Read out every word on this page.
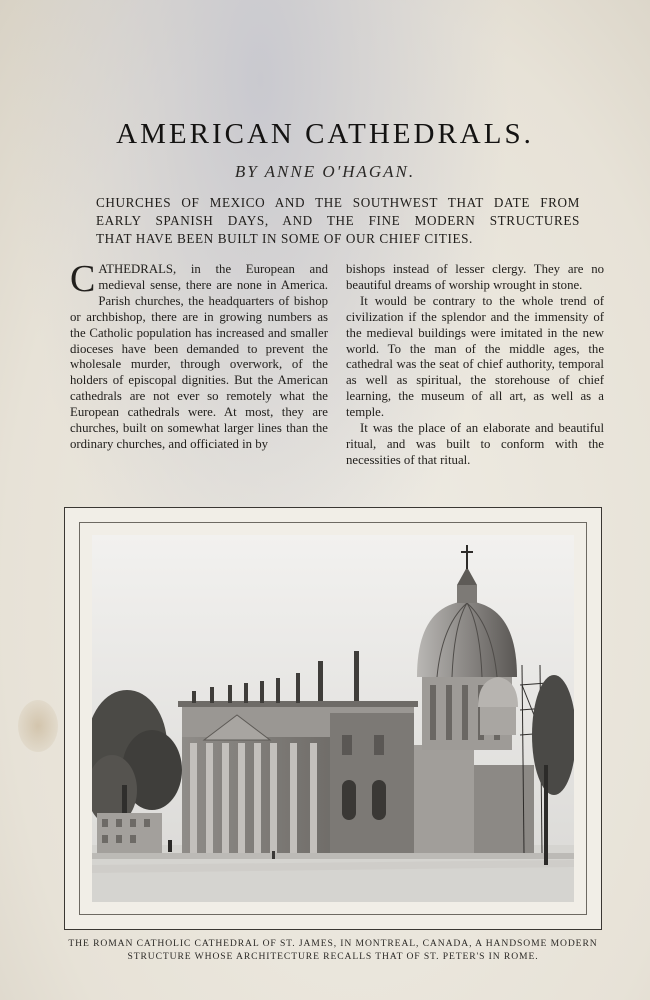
AMERICAN CATHEDRALS.
BY ANNE O'HAGAN.
CHURCHES OF MEXICO AND THE SOUTHWEST THAT DATE FROM
EARLY SPANISH DAYS, AND THE FINE MODERN STRUCTURES
THAT HAVE BEEN BUILT IN SOME OF OUR CHIEF CITIES.

CATHEDRALS, in the European and medieval sense, there are none in America. Parish churches, the headquarters of bishop or archbishop, there are in growing numbers as the Catholic population has increased and smaller dioceses have been demanded to prevent the wholesale murder, through overwork, of the holders of episcopal dignities. But the American cathedrals are not ever so remotely what the European cathedrals were. At most, they are churches, built on somewhat larger lines than the ordinary churches, and officiated in by

bishops instead of lesser clergy. They are no beautiful dreams of worship wrought in stone.

It would be contrary to the whole trend of civilization if the splendor and the immensity of the medieval buildings were imitated in the new world. To the man of the middle ages, the cathedral was the seat of chief authority, temporal as well as spiritual, the storehouse of chief learning, the museum of all art, as well as a temple.

It was the place of an elaborate and beautiful ritual, and was built to conform with the necessities of that ritual.

THE ROMAN CATHOLIC CATHEDRAL OF ST. JAMES, IN MONTREAL, CANADA, A HANDSOME MODERN
STRUCTURE WHOSE ARCHITECTURE RECALLS THAT OF ST. PETER'S IN ROME.
